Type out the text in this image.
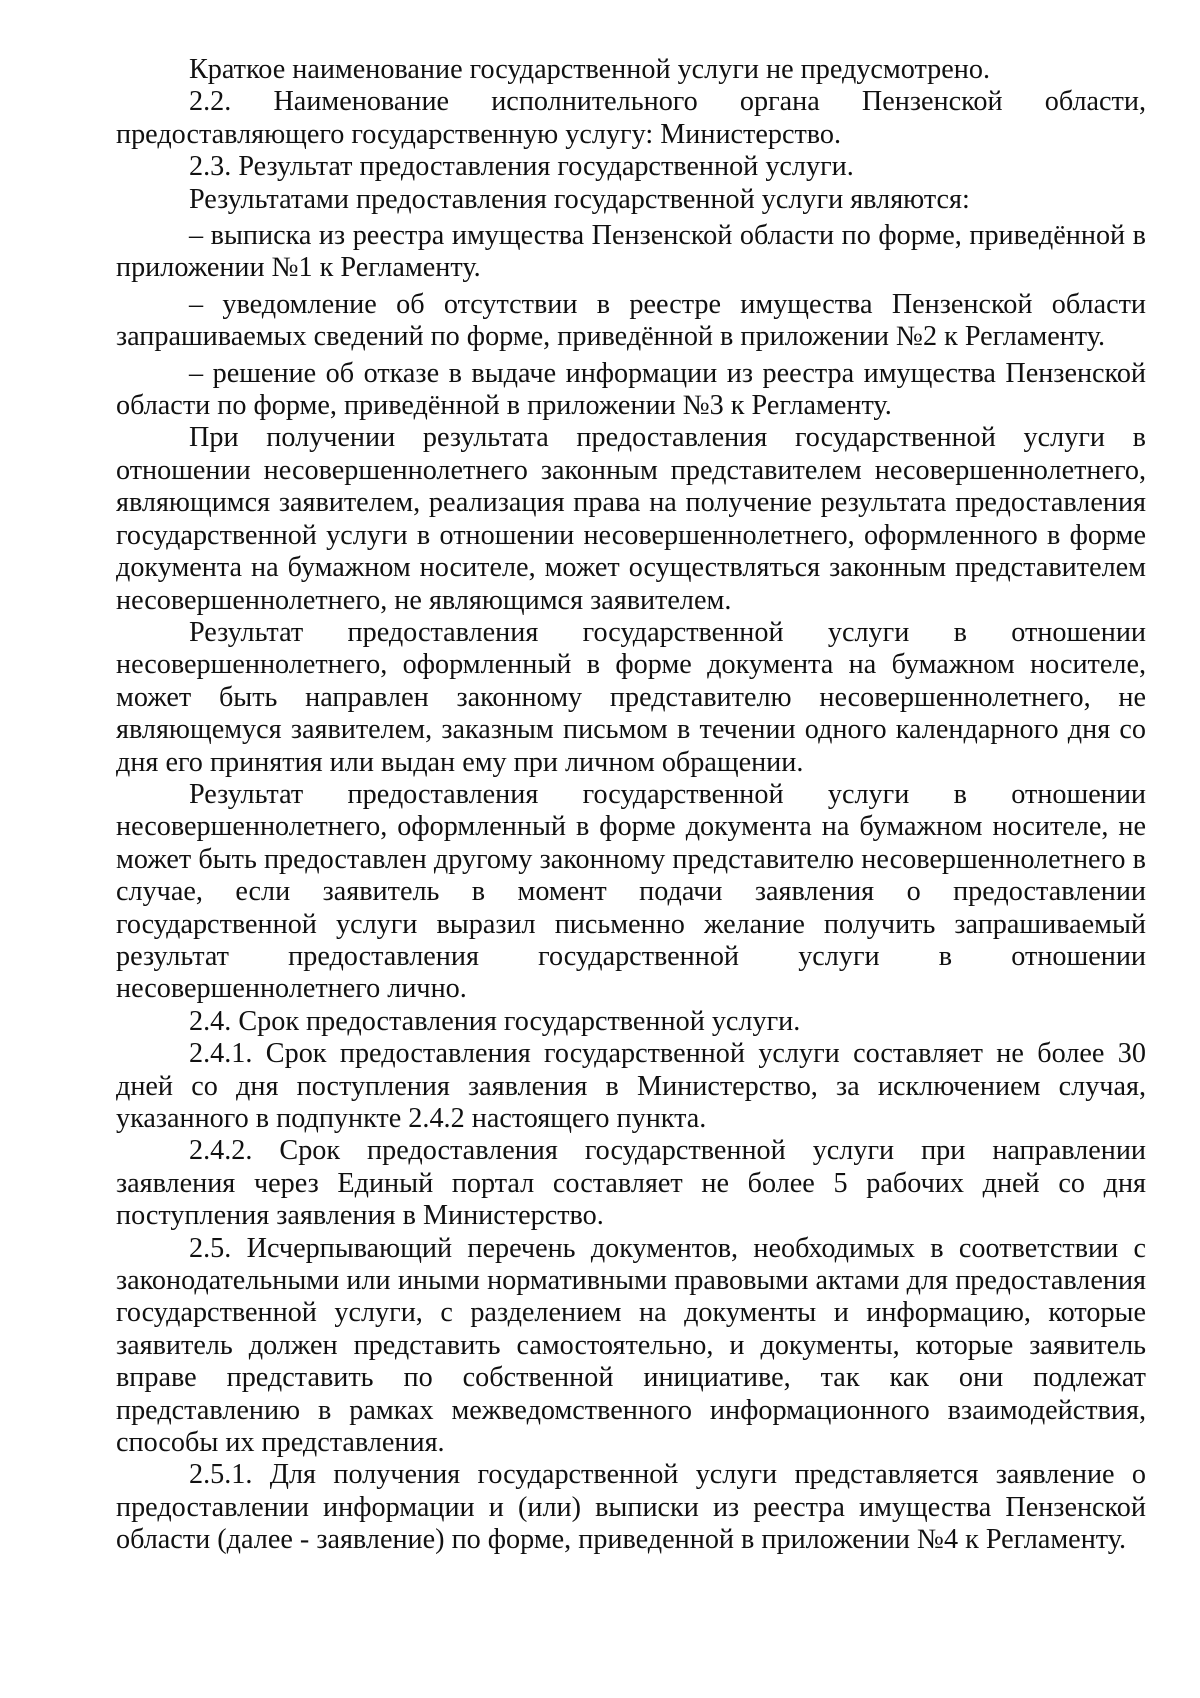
Краткое наименование государственной услуги не предусмотрено.

2.2. Наименование исполнительного органа Пензенской области, предоставляющего государственную услугу: Министерство.

2.3. Результат предоставления государственной услуги.

Результатами предоставления государственной услуги являются:

– выписка из реестра имущества Пензенской области по форме, приведённой в приложении №1 к Регламенту.

– уведомление об отсутствии в реестре имущества Пензенской области запрашиваемых сведений по форме, приведённой в приложении №2 к Регламенту.

– решение об отказе в выдаче информации из реестра имущества Пензенской области по форме, приведённой в приложении №3 к Регламенту.

При получении результата предоставления государственной услуги в отношении несовершеннолетнего законным представителем несовершеннолетнего, являющимся заявителем, реализация права на получение результата предоставления государственной услуги в отношении несовершеннолетнего, оформленного в форме документа на бумажном носителе, может осуществляться законным представителем несовершеннолетнего, не являющимся заявителем.

Результат предоставления государственной услуги в отношении несовершеннолетнего, оформленный в форме документа на бумажном носителе, может быть направлен законному представителю несовершеннолетнего, не являющемуся заявителем, заказным письмом в течении одного календарного дня со дня его принятия или выдан ему при личном обращении.

Результат предоставления государственной услуги в отношении несовершеннолетнего, оформленный в форме документа на бумажном носителе, не может быть предоставлен другому законному представителю несовершеннолетнего в случае, если заявитель в момент подачи заявления о предоставлении государственной услуги выразил письменно желание получить запрашиваемый результат предоставления государственной услуги в отношении несовершеннолетнего лично.

2.4. Срок предоставления государственной услуги.

2.4.1. Срок предоставления государственной услуги составляет не более 30 дней со дня поступления заявления в Министерство, за исключением случая, указанного в подпункте 2.4.2 настоящего пункта.

2.4.2. Срок предоставления государственной услуги при направлении заявления через Единый портал составляет не более 5 рабочих дней со дня поступления заявления в Министерство.

2.5. Исчерпывающий перечень документов, необходимых в соответствии с законодательными или иными нормативными правовыми актами для предоставления государственной услуги, с разделением на документы и информацию, которые заявитель должен представить самостоятельно, и документы, которые заявитель вправе представить по собственной инициативе, так как они подлежат представлению в рамках межведомственного информационного взаимодействия, способы их представления.

2.5.1. Для получения государственной услуги представляется заявление о предоставлении информации и (или) выписки из реестра имущества Пензенской области (далее - заявление) по форме, приведенной в приложении №4 к Регламенту.
